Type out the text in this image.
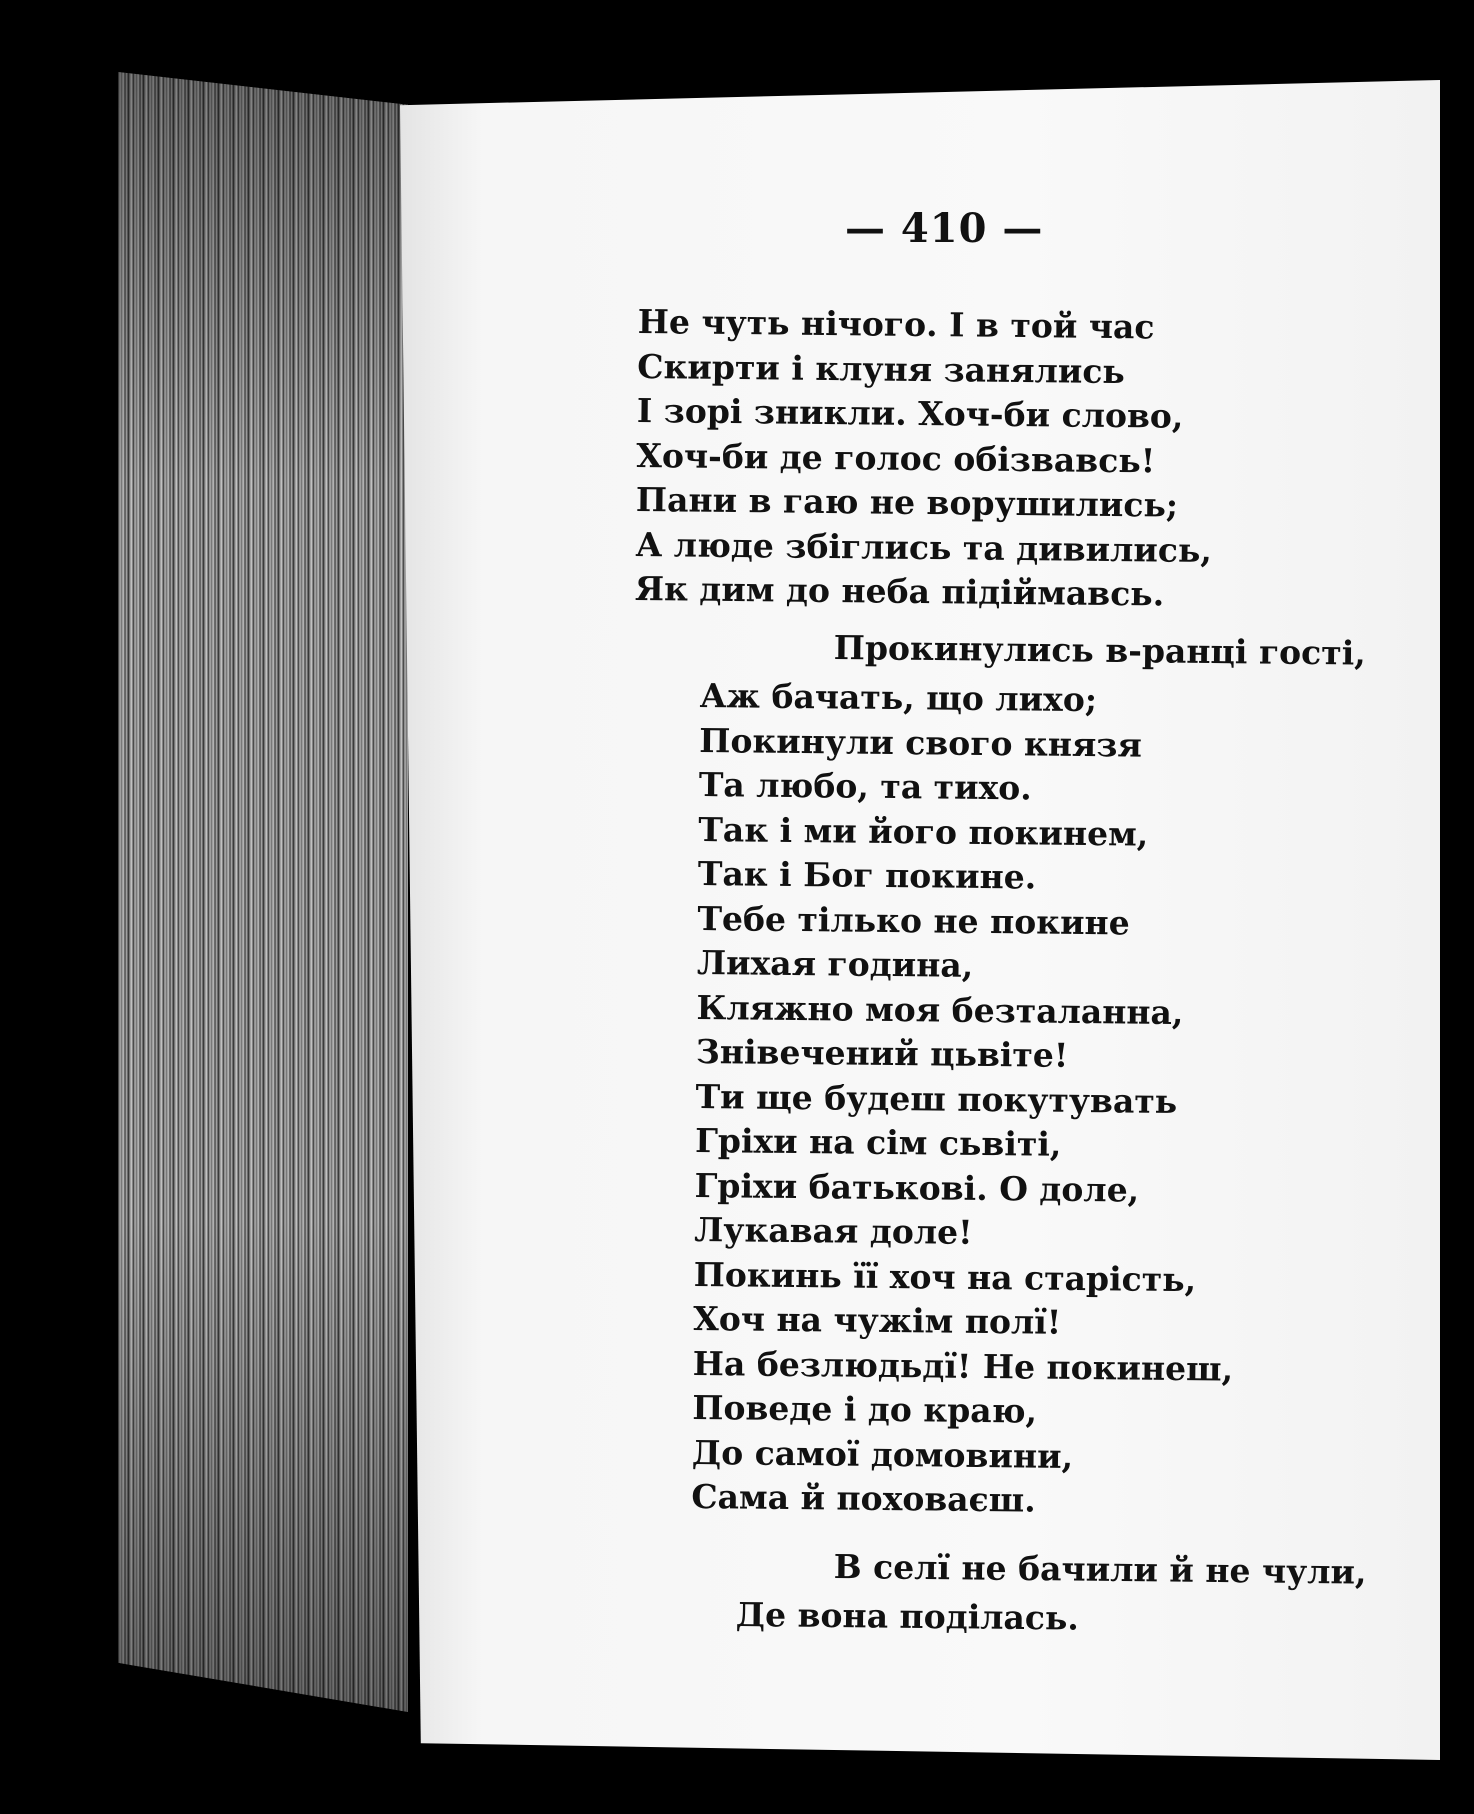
— 410 —
Не чуть нічого. І в той час
Скирти і клуня занялись
І зорі зникли. Хоч-би слово,
Хоч-би де голос обізвавсь!
Пани в гаю не ворушились;
А люде збіглись та дивились,
Як дим до неба підіймавсь.
Прокинулись в-ранці гості,
Аж бачать, що лихо;
Покинули свого князя
Та любо, та тихо.
Так і ми його покинем,
Так і Бог покине.
Тебе тілько не покине
Лихая година,
Кляжно моя безталанна,
Знівечений цьвіте!
Ти ще будеш покутувать
Гріхи на сім сьвіті,
Гріхи батькові. О доле,
Лукавая доле!
Покинь її хоч на старість,
Хоч на чужім полї!
На безлюдьдї! Не покинеш,
Поведе і до краю,
До самої домовини,
Сама й поховаєш.
В селї не бачили й не чули,
Де вона поділась.
